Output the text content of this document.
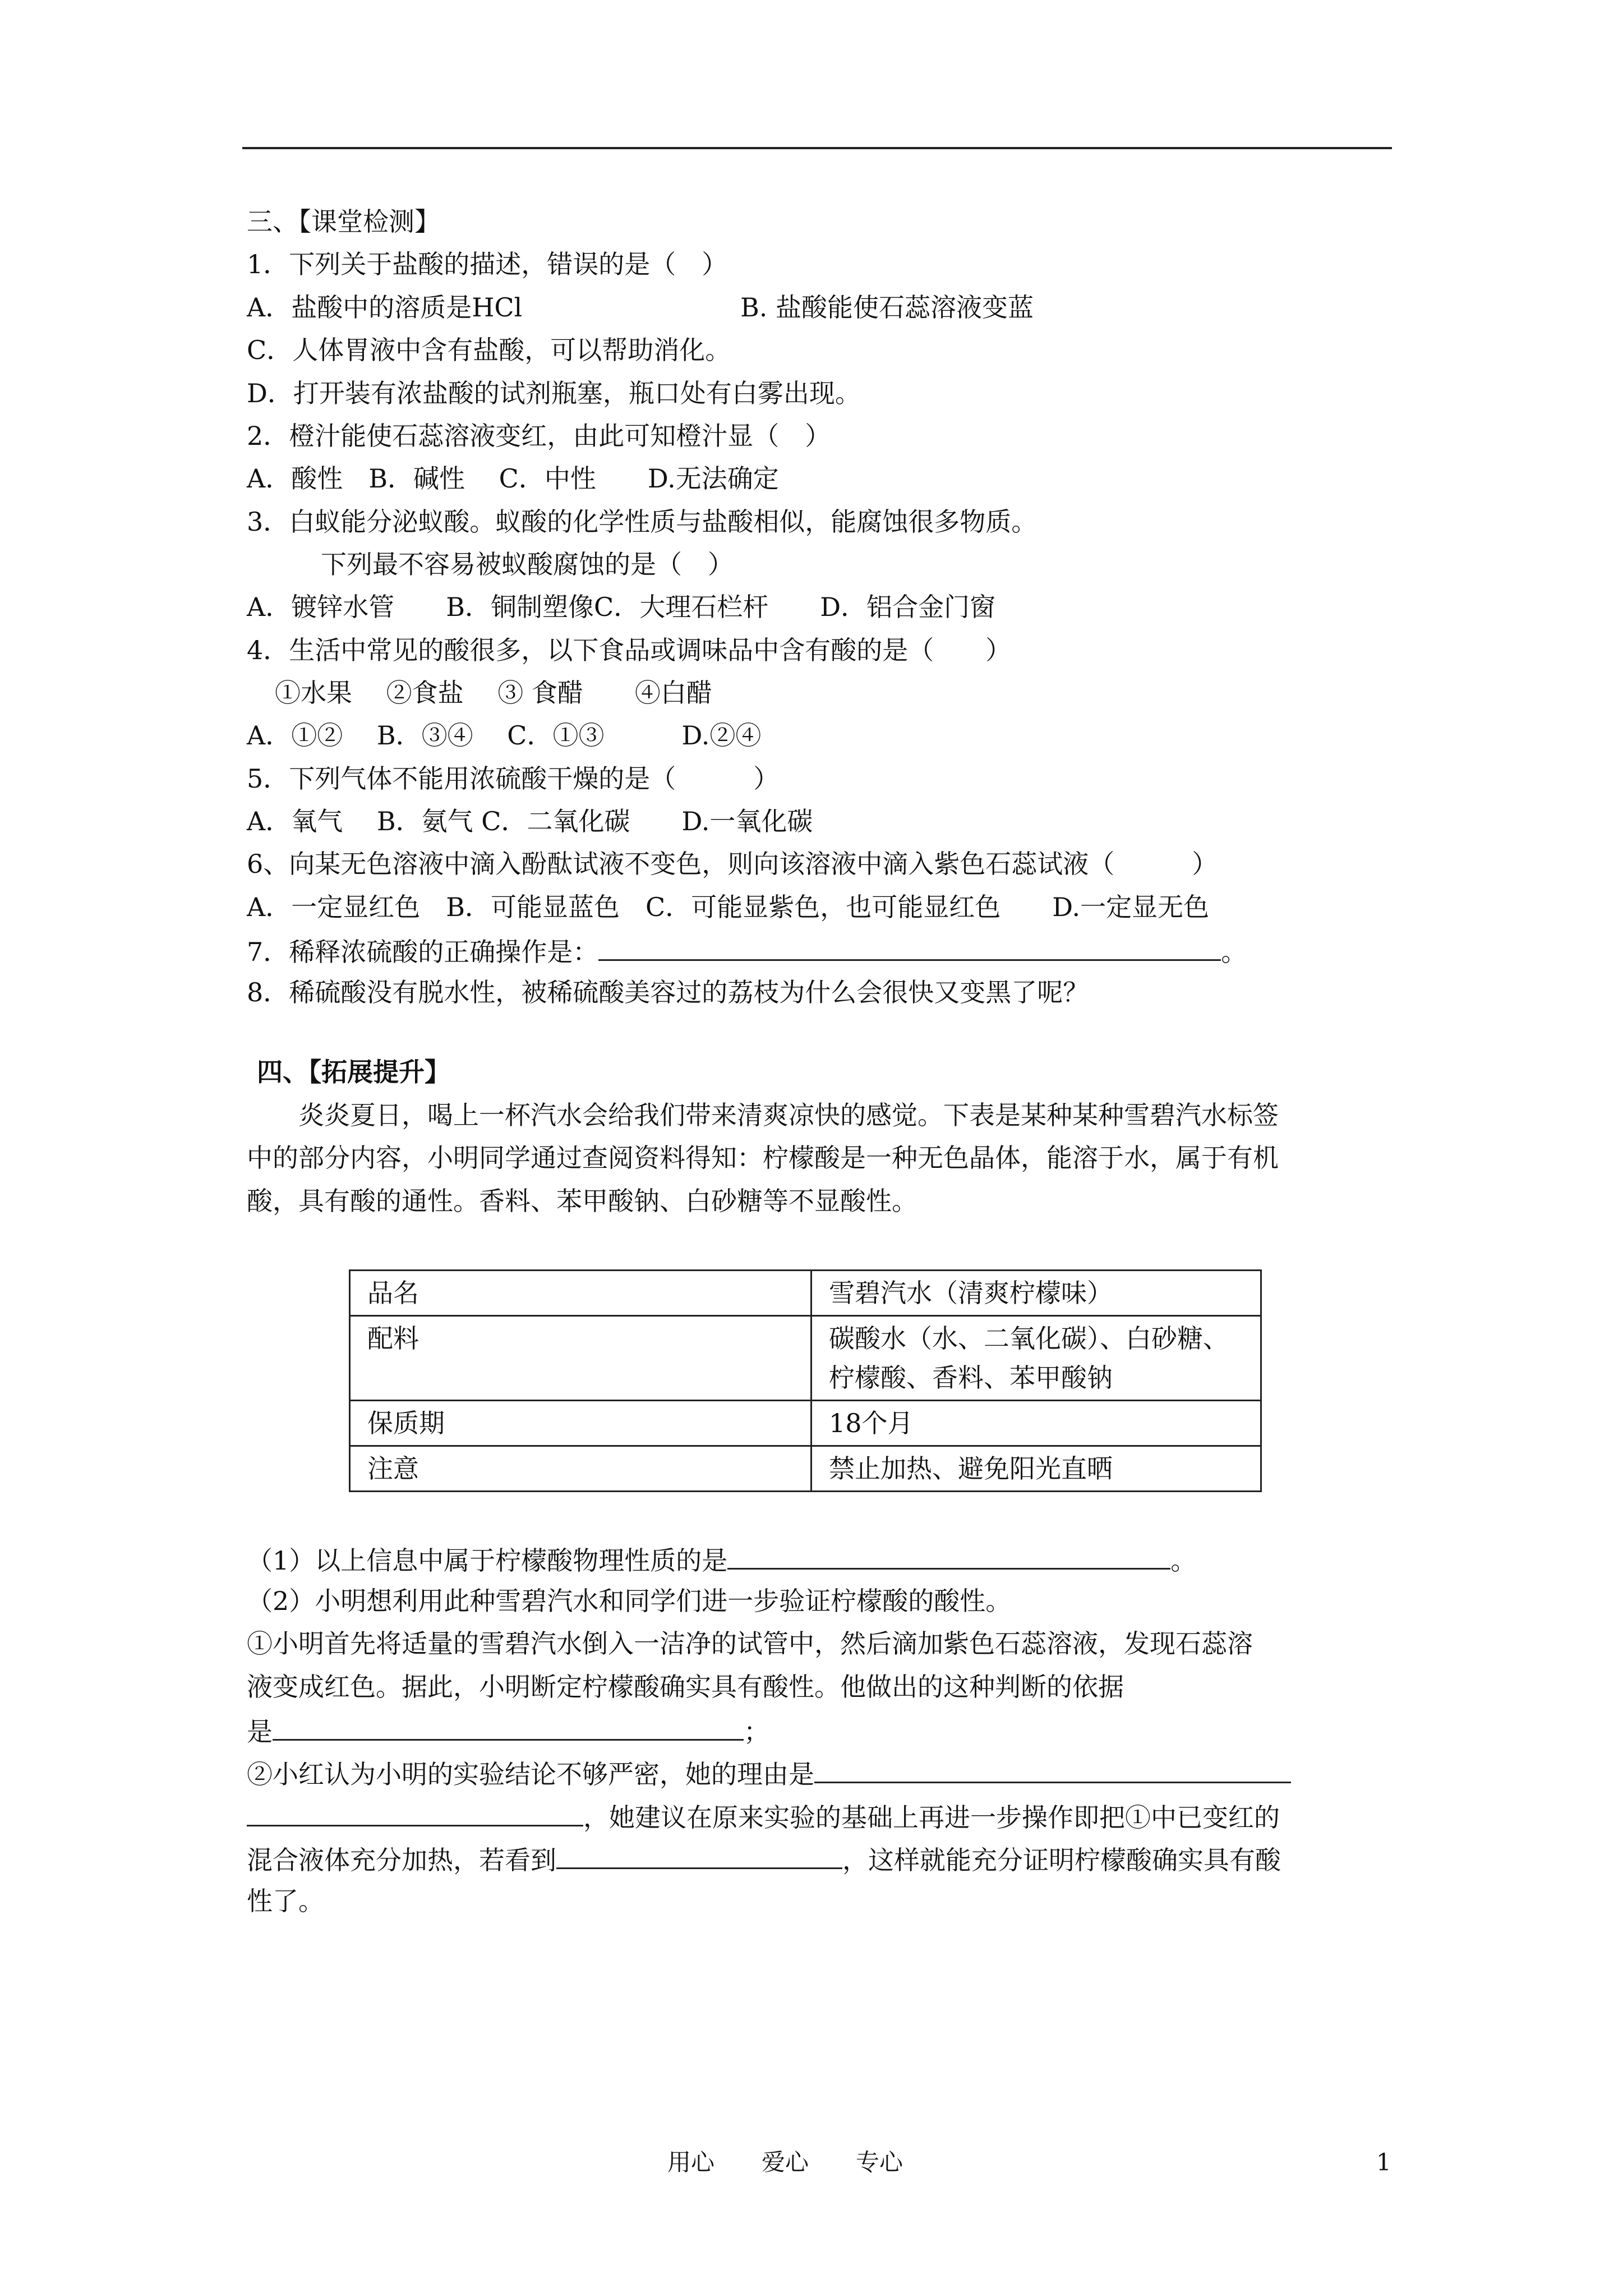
三、【课堂检测】
1．下列关于盐酸的描述，错误的是（　）
A．盐酸中的溶质是HCl	B. 盐酸能使石蕊溶液变蓝
C．人体胃液中含有盐酸，可以帮助消化。
D．打开装有浓盐酸的试剂瓶塞，瓶口处有白雾出现。
2．橙汁能使石蕊溶液变红，由此可知橙汁显（　）
A．酸性　B．碱性　 C．中性　　D.无法确定
3．白蚁能分泌蚁酸。蚁酸的化学性质与盐酸相似，能腐蚀很多物质。
下列最不容易被蚁酸腐蚀的是（　）
A．镀锌水管　　B．铜制塑像C．大理石栏杆　　D．铝合金门窗
4．生活中常见的酸很多，以下食品或调味品中含有酸的是（　　）
①水果　 ②食盐　 ③ 食醋　　④白醋
A．①②　 B．③④　 C．①③　　　D.②④
5．下列气体不能用浓硫酸干燥的是（　　　）
A．氧气　 B．氨气 C．二氧化碳　　D.一氧化碳
6、向某无色溶液中滴入酚酞试液不变色，则向该溶液中滴入紫色石蕊试液（　　　）
A．一定显红色　B．可能显蓝色　C．可能显紫色，也可能显红色　　D.一定显无色
7．稀释浓硫酸的正确操作是：	。
8．稀硫酸没有脱水性，被稀硫酸美容过的荔枝为什么会很快又变黑了呢？
四、【拓展提升】
炎炎夏日，喝上一杯汽水会给我们带来清爽凉快的感觉。下表是某种某种雪碧汽水标签
中的部分内容，小明同学通过查阅资料得知：柠檬酸是一种无色晶体，能溶于水，属于有机
酸，具有酸的通性。香料、苯甲酸钠、白砂糖等不显酸性。
品名	雪碧汽水（清爽柠檬味）
配料	碳酸水（水、二氧化碳）、白砂糖、
柠檬酸、香料、苯甲酸钠

保质期	18个月
注意	禁止加热、避免阳光直晒
（1）以上信息中属于柠檬酸物理性质的是	。
（2）小明想利用此种雪碧汽水和同学们进一步验证柠檬酸的酸性。
①小明首先将适量的雪碧汽水倒入一洁净的试管中，然后滴加紫色石蕊溶液，发现石蕊溶
液变成红色。据此，小明断定柠檬酸确实具有酸性。他做出的这种判断的依据
是	；
②小红认为小明的实验结论不够严密，她的理由是
，她建议在原来实验的基础上再进一步操作即把①中已变红的
混合液体充分加热，若看到	，这样就能充分证明柠檬酸确实具有酸
性了。
用心　　爱心　　专心	1
